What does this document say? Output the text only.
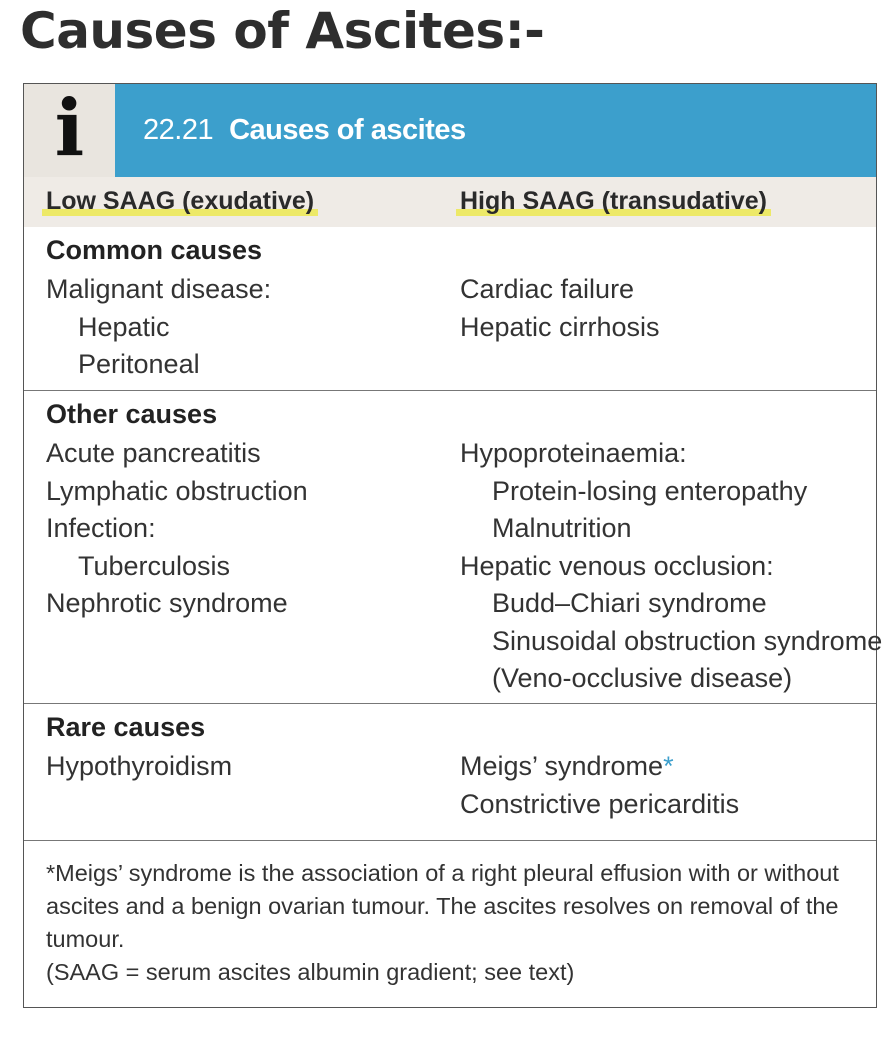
Causes of Ascites:-
i 22.21 Causes of ascites
Low SAAG (exudative)	High SAAG (transudative)
Common causes
Malignant disease:
Hepatic
Peritoneal
Cardiac failure
Hepatic cirrhosis
Other causes
Acute pancreatitis
Lymphatic obstruction
Infection:
Tuberculosis
Nephrotic syndrome
Hypoproteinaemia:
Protein-losing enteropathy
Malnutrition
Hepatic venous occlusion:
Budd–Chiari syndrome
Sinusoidal obstruction syndrome
(Veno-occlusive disease)
Rare causes
Hypothyroidism	Meigs’ syndrome*
Constrictive pericarditis

*Meigs’ syndrome is the association of a right pleural effusion with or without ascites and a benign ovarian tumour. The ascites resolves on removal of the tumour.

(SAAG = serum ascites albumin gradient; see text)
